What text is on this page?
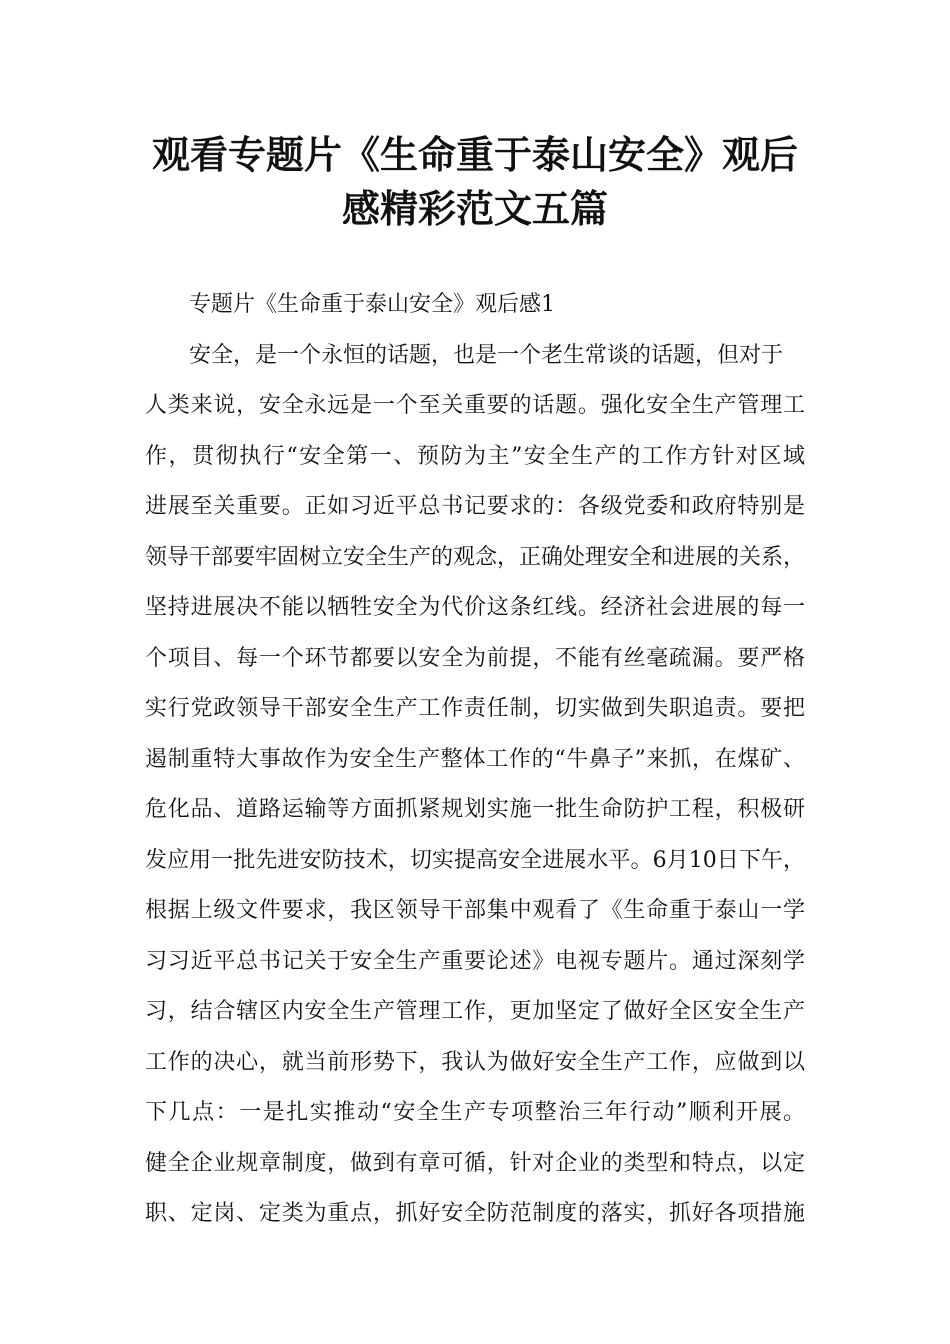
观看专题片《生命重于泰山安全》观后
感精彩范文五篇
专题片《生命重于泰山安全》观后感1
安全，是一个永恒的话题，也是一个老生常谈的话题，但对于
人类来说，安全永远是一个至关重要的话题。强化安全生产管理工
作，贯彻执行“安全第一、预防为主”安全生产的工作方针对区域
进展至关重要。正如习近平总书记要求的：各级党委和政府特别是
领导干部要牢固树立安全生产的观念，正确处理安全和进展的关系，
坚持进展决不能以牺牲安全为代价这条红线。经济社会进展的每一
个项目、每一个环节都要以安全为前提，不能有丝毫疏漏。要严格
实行党政领导干部安全生产工作责任制，切实做到失职追责。要把
遏制重特大事故作为安全生产整体工作的“牛鼻子”来抓，在煤矿、
危化品、道路运输等方面抓紧规划实施一批生命防护工程，积极研
发应用一批先进安防技术，切实提高安全进展水平。6月10日下午，
根据上级文件要求，我区领导干部集中观看了《生命重于泰山一学
习习近平总书记关于安全生产重要论述》电视专题片。通过深刻学
习，结合辖区内安全生产管理工作，更加坚定了做好全区安全生产
工作的决心，就当前形势下，我认为做好安全生产工作，应做到以
下几点：一是扎实推动“安全生产专项整治三年行动”顺利开展。
健全企业规章制度，做到有章可循，针对企业的类型和特点，以定
职、定岗、定类为重点，抓好安全防范制度的落实，抓好各项措施
